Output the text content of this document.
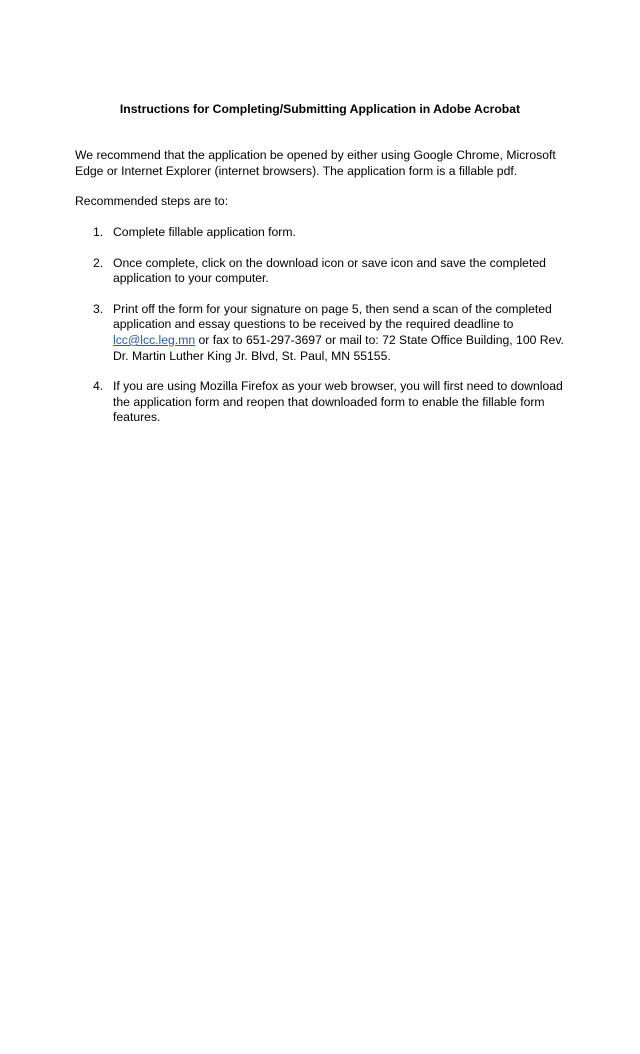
Instructions for Completing/Submitting Application in Adobe Acrobat

We recommend that the application be opened by either using Google Chrome, Microsoft Edge or Internet Explorer (internet browsers). The application form is a fillable pdf.

Recommended steps are to:

1. Complete fillable application form.
2. Once complete, click on the download icon or save icon and save the completed application to your computer.
3. Print off the form for your signature on page 5, then send a scan of the completed application and essay questions to be received by the required deadline to lcc@lcc.leg.mn or fax to 651-297-3697 or mail to: 72 State Office Building, 100 Rev. Dr. Martin Luther King Jr. Blvd, St. Paul, MN 55155.
4. If you are using Mozilla Firefox as your web browser, you will first need to download the application form and reopen that downloaded form to enable the fillable form features.
